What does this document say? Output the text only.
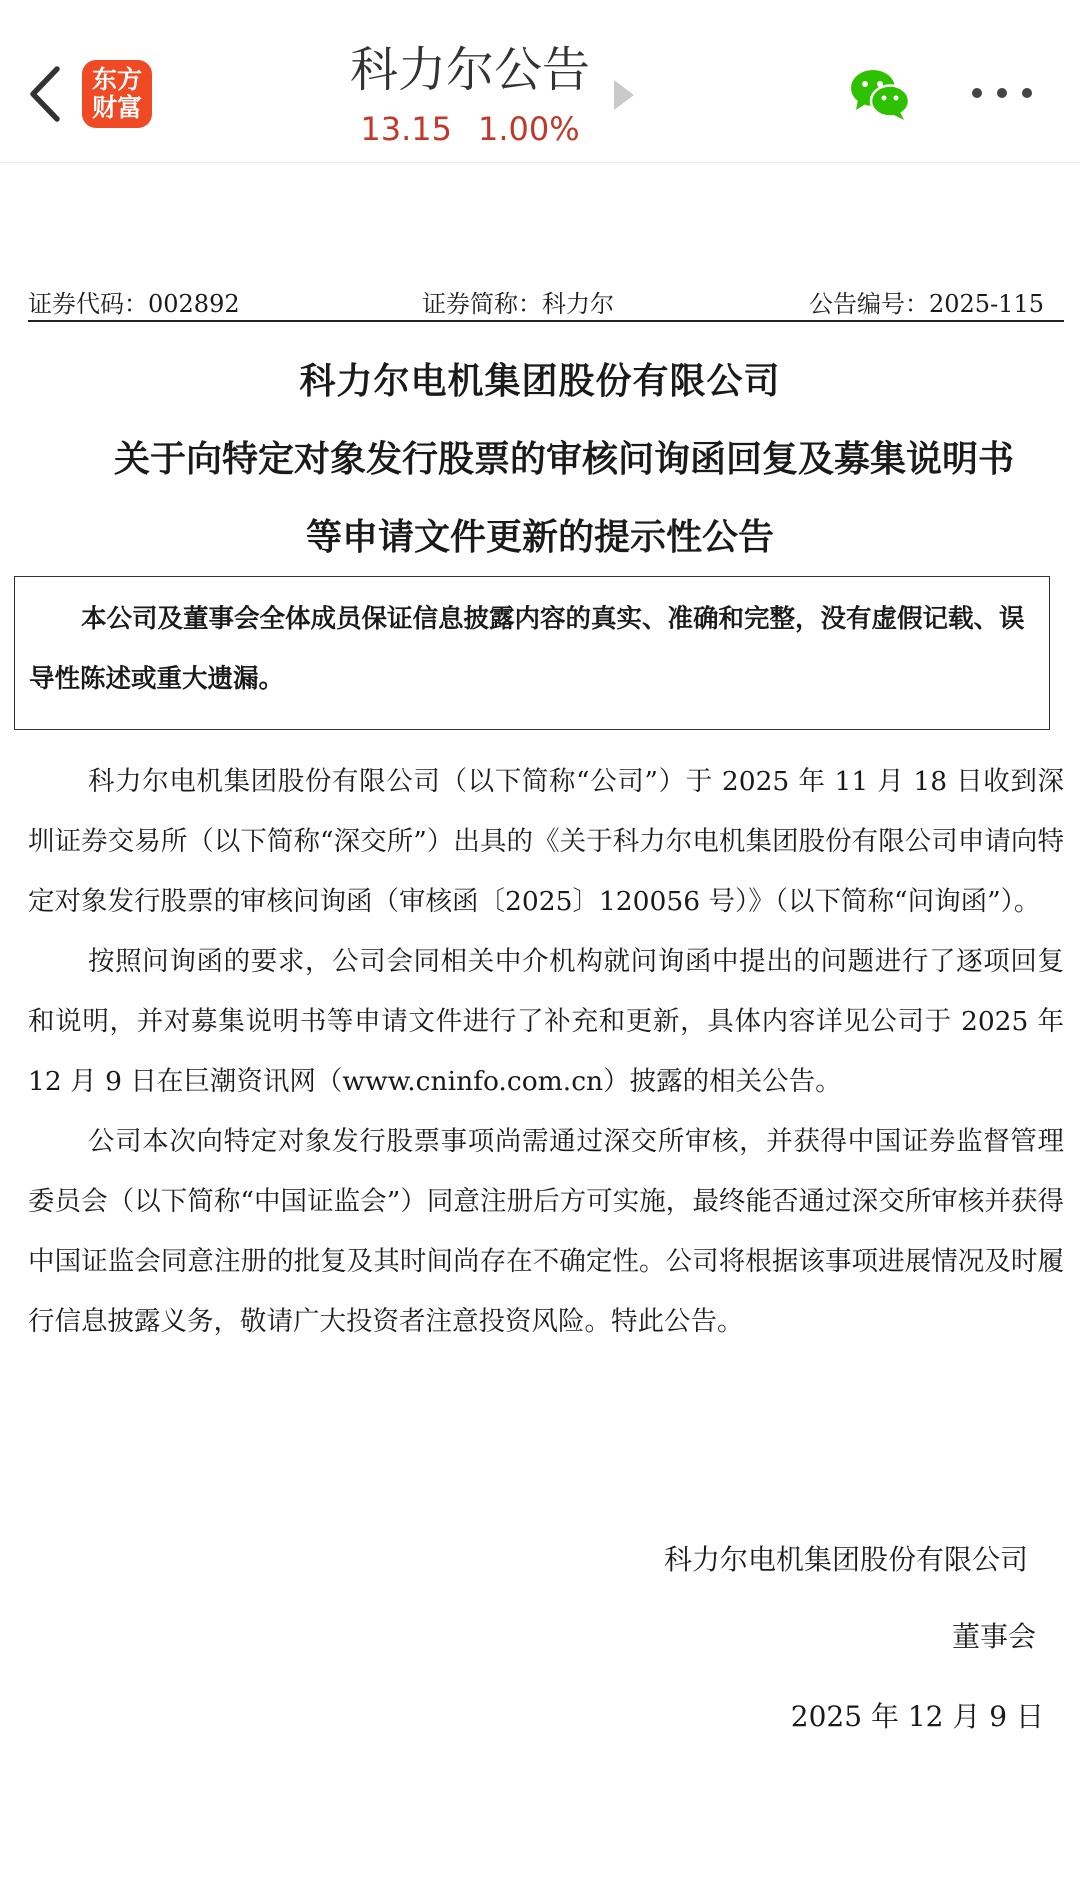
东方
财富
科力尔公告
13.15 1.00%
证券代码：002892	证券简称：科力尔	公告编号：2025-115
科力尔电机集团股份有限公司
关于向特定对象发行股票的审核问询函回复及募集说明书
等申请文件更新的提示性公告

本公司及董事会全体成员保证信息披露内容的真实、准确和完整，没有虚假记载、误导性陈述或重大遗漏。

科力尔电机集团股份有限公司（以下简称“公司”）于 2025 年 11 月 18 日收到深圳证券交易所（以下简称“深交所”）出具的《关于科力尔电机集团股份有限公司申请向特定对象发行股票的审核问询函（审核函〔2025〕120056 号）》（以下简称“问询函”）。

按照问询函的要求，公司会同相关中介机构就问询函中提出的问题进行了逐项回复和说明，并对募集说明书等申请文件进行了补充和更新，具体内容详见公司于 2025 年 12 月 9 日在巨潮资讯网（www.cninfo.com.cn）披露的相关公告。

公司本次向特定对象发行股票事项尚需通过深交所审核，并获得中国证券监督管理委员会（以下简称“中国证监会”）同意注册后方可实施，最终能否通过深交所审核并获得中国证监会同意注册的批复及其时间尚存在不确定性。公司将根据该事项进展情况及时履行信息披露义务，敬请广大投资者注意投资风险。特此公告。

科力尔电机集团股份有限公司
董事会
2025 年 12 月 9 日
